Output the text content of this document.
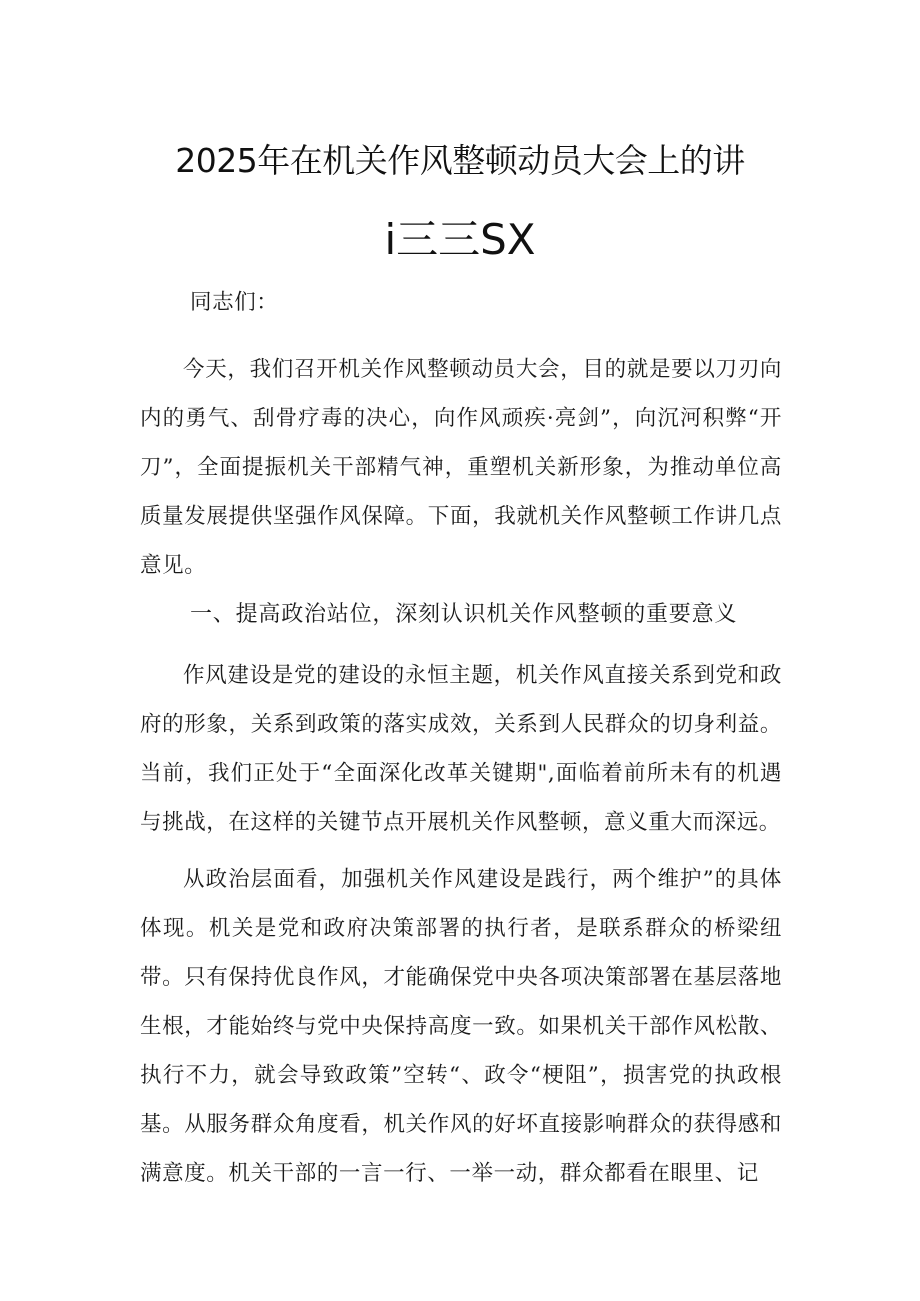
2025年在机关作风整顿动员大会上的讲
i三三SX

同志们：

今天，我们召开机关作风整顿动员大会，目的就是要以刀刃向内的勇气、刮骨疗毒的决心，向作风顽疾·亮剑”，向沉河积弊“开刀”，全面提振机关干部精气神，重塑机关新形象，为推动单位高质量发展提供坚强作风保障。下面，我就机关作风整顿工作讲几点意见。

一、提高政治站位，深刻认识机关作风整顿的重要意义

作风建设是党的建设的永恒主题，机关作风直接关系到党和政府的形象，关系到政策的落实成效，关系到人民群众的切身利益。当前，我们正处于“全面深化改革关键期",面临着前所未有的机遇与挑战，在这样的关键节点开展机关作风整顿，意义重大而深远。

从政治层面看，加强机关作风建设是践行，两个维护”的具体体现。机关是党和政府决策部署的执行者，是联系群众的桥梁纽带。只有保持优良作风，才能确保党中央各项决策部署在基层落地生根，才能始终与党中央保持高度一致。如果机关干部作风松散、执行不力，就会导致政策”空转“、政令“梗阻”，损害党的执政根基。从服务群众角度看，机关作风的好坏直接影响群众的获得感和满意度。机关干部的一言一行、一举一动，群众都看在眼里、记
